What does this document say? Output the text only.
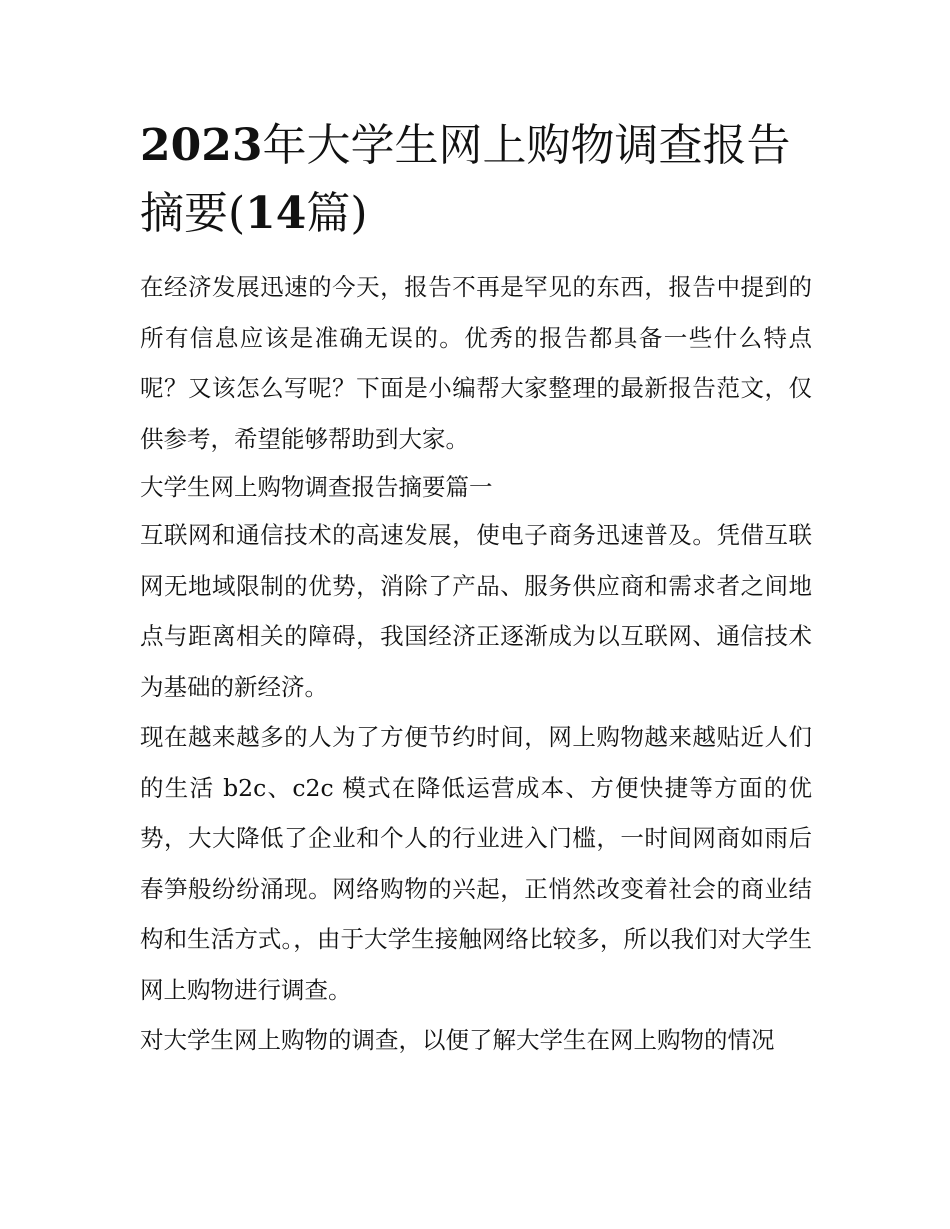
2023年大学生网上购物调查报告摘要(14篇)

在经济发展迅速的今天，报告不再是罕见的东西，报告中提到的所有信息应该是准确无误的。优秀的报告都具备一些什么特点呢？又该怎么写呢？下面是小编帮大家整理的最新报告范文，仅供参考，希望能够帮助到大家。

大学生网上购物调查报告摘要篇一

互联网和通信技术的高速发展，使电子商务迅速普及。凭借互联网无地域限制的优势，消除了产品、服务供应商和需求者之间地点与距离相关的障碍，我国经济正逐渐成为以互联网、通信技术为基础的新经济。

现在越来越多的人为了方便节约时间，网上购物越来越贴近人们的生活 b2c、c2c 模式在降低运营成本、方便快捷等方面的优势，大大降低了企业和个人的行业进入门槛，一时间网商如雨后春笋般纷纷涌现。网络购物的兴起，正悄然改变着社会的商业结构和生活方式。，由于大学生接触网络比较多，所以我们对大学生网上购物进行调查。

对大学生网上购物的调查，以便了解大学生在网上购物的情况
